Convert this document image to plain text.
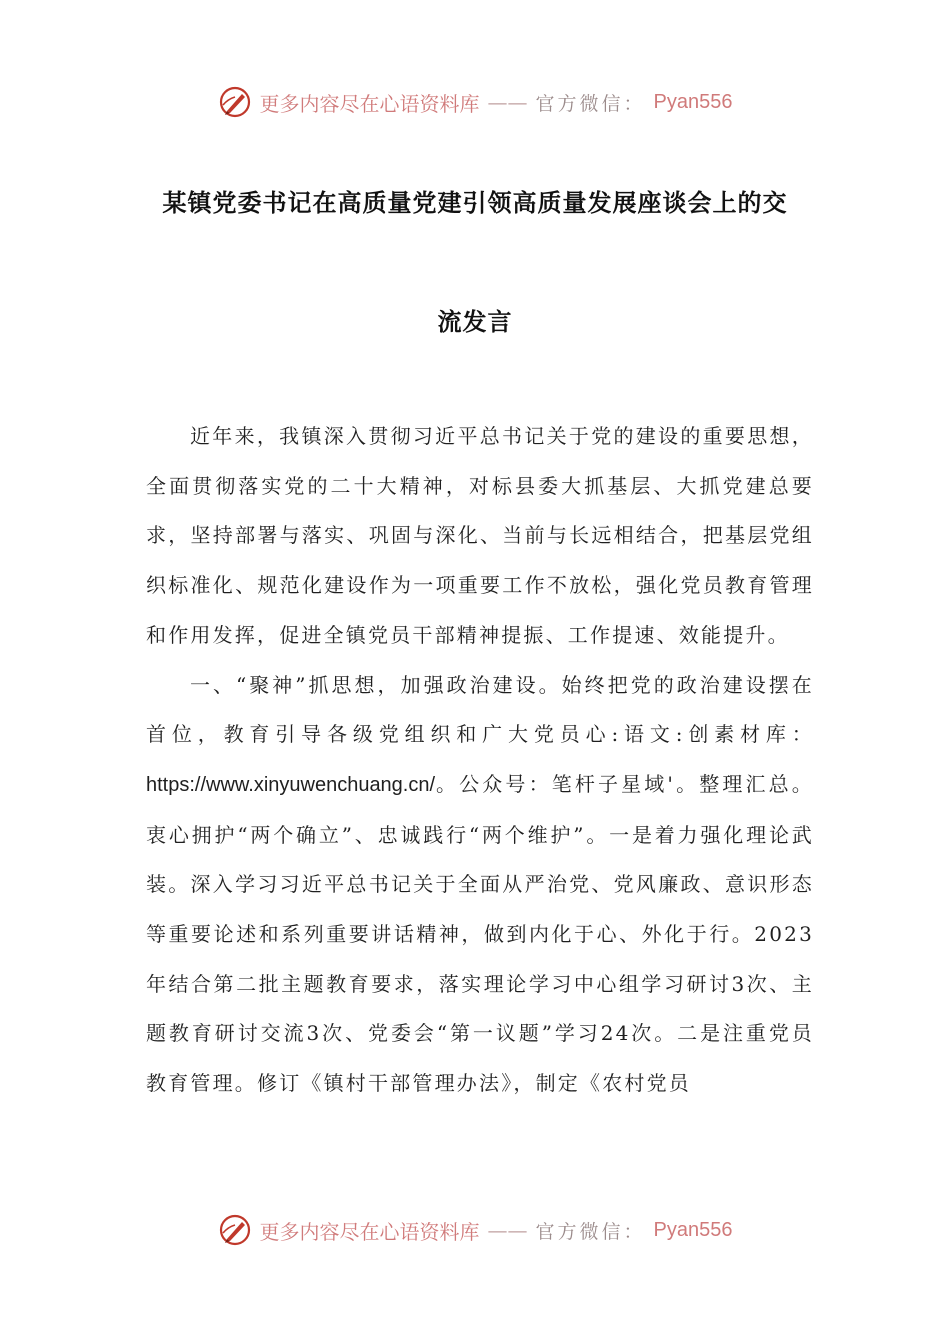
更多内容尽在心语资料库 —— 官方微信： Pyan556
某镇党委书记在高质量党建引领高质量发展座谈会上的交
流发言

近年来，我镇深入贯彻习近平总书记关于党的建设的重要思想，全面贯彻落实党的二十大精神，对标县委大抓基层、大抓党建总要求，坚持部署与落实、巩固与深化、当前与长远相结合，把基层党组织标准化、规范化建设作为一项重要工作不放松，强化党员教育管理和作用发挥，促进全镇党员干部精神提振、工作提速、效能提升。

一、“聚神”抓思想，加强政治建设。始终把党的政治建设摆在首位，教育引导各级党组织和广大党员心:语文:创素材库：https://www.xinyuwenchuang.cn/。公众号：笔杆子星域'。整理汇总。衷心拥护“两个确立”、忠诚践行“两个维护”。一是着力强化理论武装。深入学习习近平总书记关于全面从严治党、党风廉政、意识形态等重要论述和系列重要讲话精神，做到内化于心、外化于行。2023年结合第二批主题教育要求，落实理论学习中心组学习研讨3次、主题教育研讨交流3次、党委会“第一议题”学习24次。二是注重党员教育管理。修订《镇村干部管理办法》，制定《农村党员

更多内容尽在心语资料库 —— 官方微信： Pyan556
